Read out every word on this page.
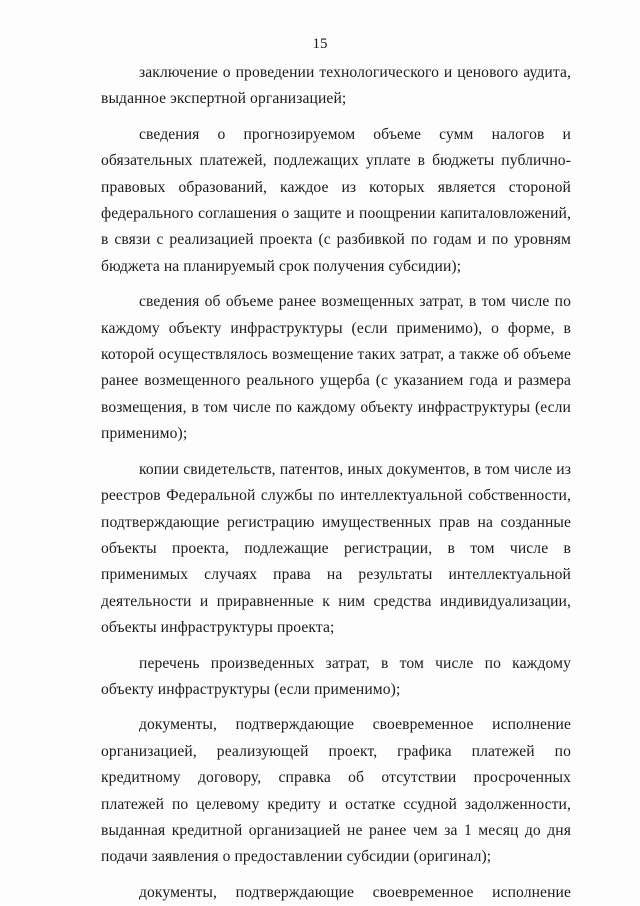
15

заключение о проведении технологического и ценового аудита, выданное экспертной организацией;

сведения о прогнозируемом объеме сумм налогов и обязательных платежей, подлежащих уплате в бюджеты публично-правовых образований, каждое из которых является стороной федерального соглашения о защите и поощрении капиталовложений, в связи с реализацией проекта (с разбивкой по годам и по уровням бюджета на планируемый срок получения субсидии);

сведения об объеме ранее возмещенных затрат, в том числе по каждому объекту инфраструктуры (если применимо), о форме, в которой осуществлялось возмещение таких затрат, а также об объеме ранее возмещенного реального ущерба (с указанием года и размера возмещения, в том числе по каждому объекту инфраструктуры (если применимо);

копии свидетельств, патентов, иных документов, в том числе из реестров Федеральной службы по интеллектуальной собственности, подтверждающие регистрацию имущественных прав на созданные объекты проекта, подлежащие регистрации, в том числе в применимых случаях права на результаты интеллектуальной деятельности и приравненные к ним средства индивидуализации, объекты инфраструктуры проекта;

перечень произведенных затрат, в том числе по каждому объекту инфраструктуры (если применимо);

документы, подтверждающие своевременное исполнение организацией, реализующей проект, графика платежей по кредитному договору, справка об отсутствии просроченных платежей по целевому кредиту и остатке ссудной задолженности, выданная кредитной организацией не ранее чем за 1 месяц до дня подачи заявления о предоставлении субсидии (оригинал);

документы, подтверждающие своевременное исполнение
